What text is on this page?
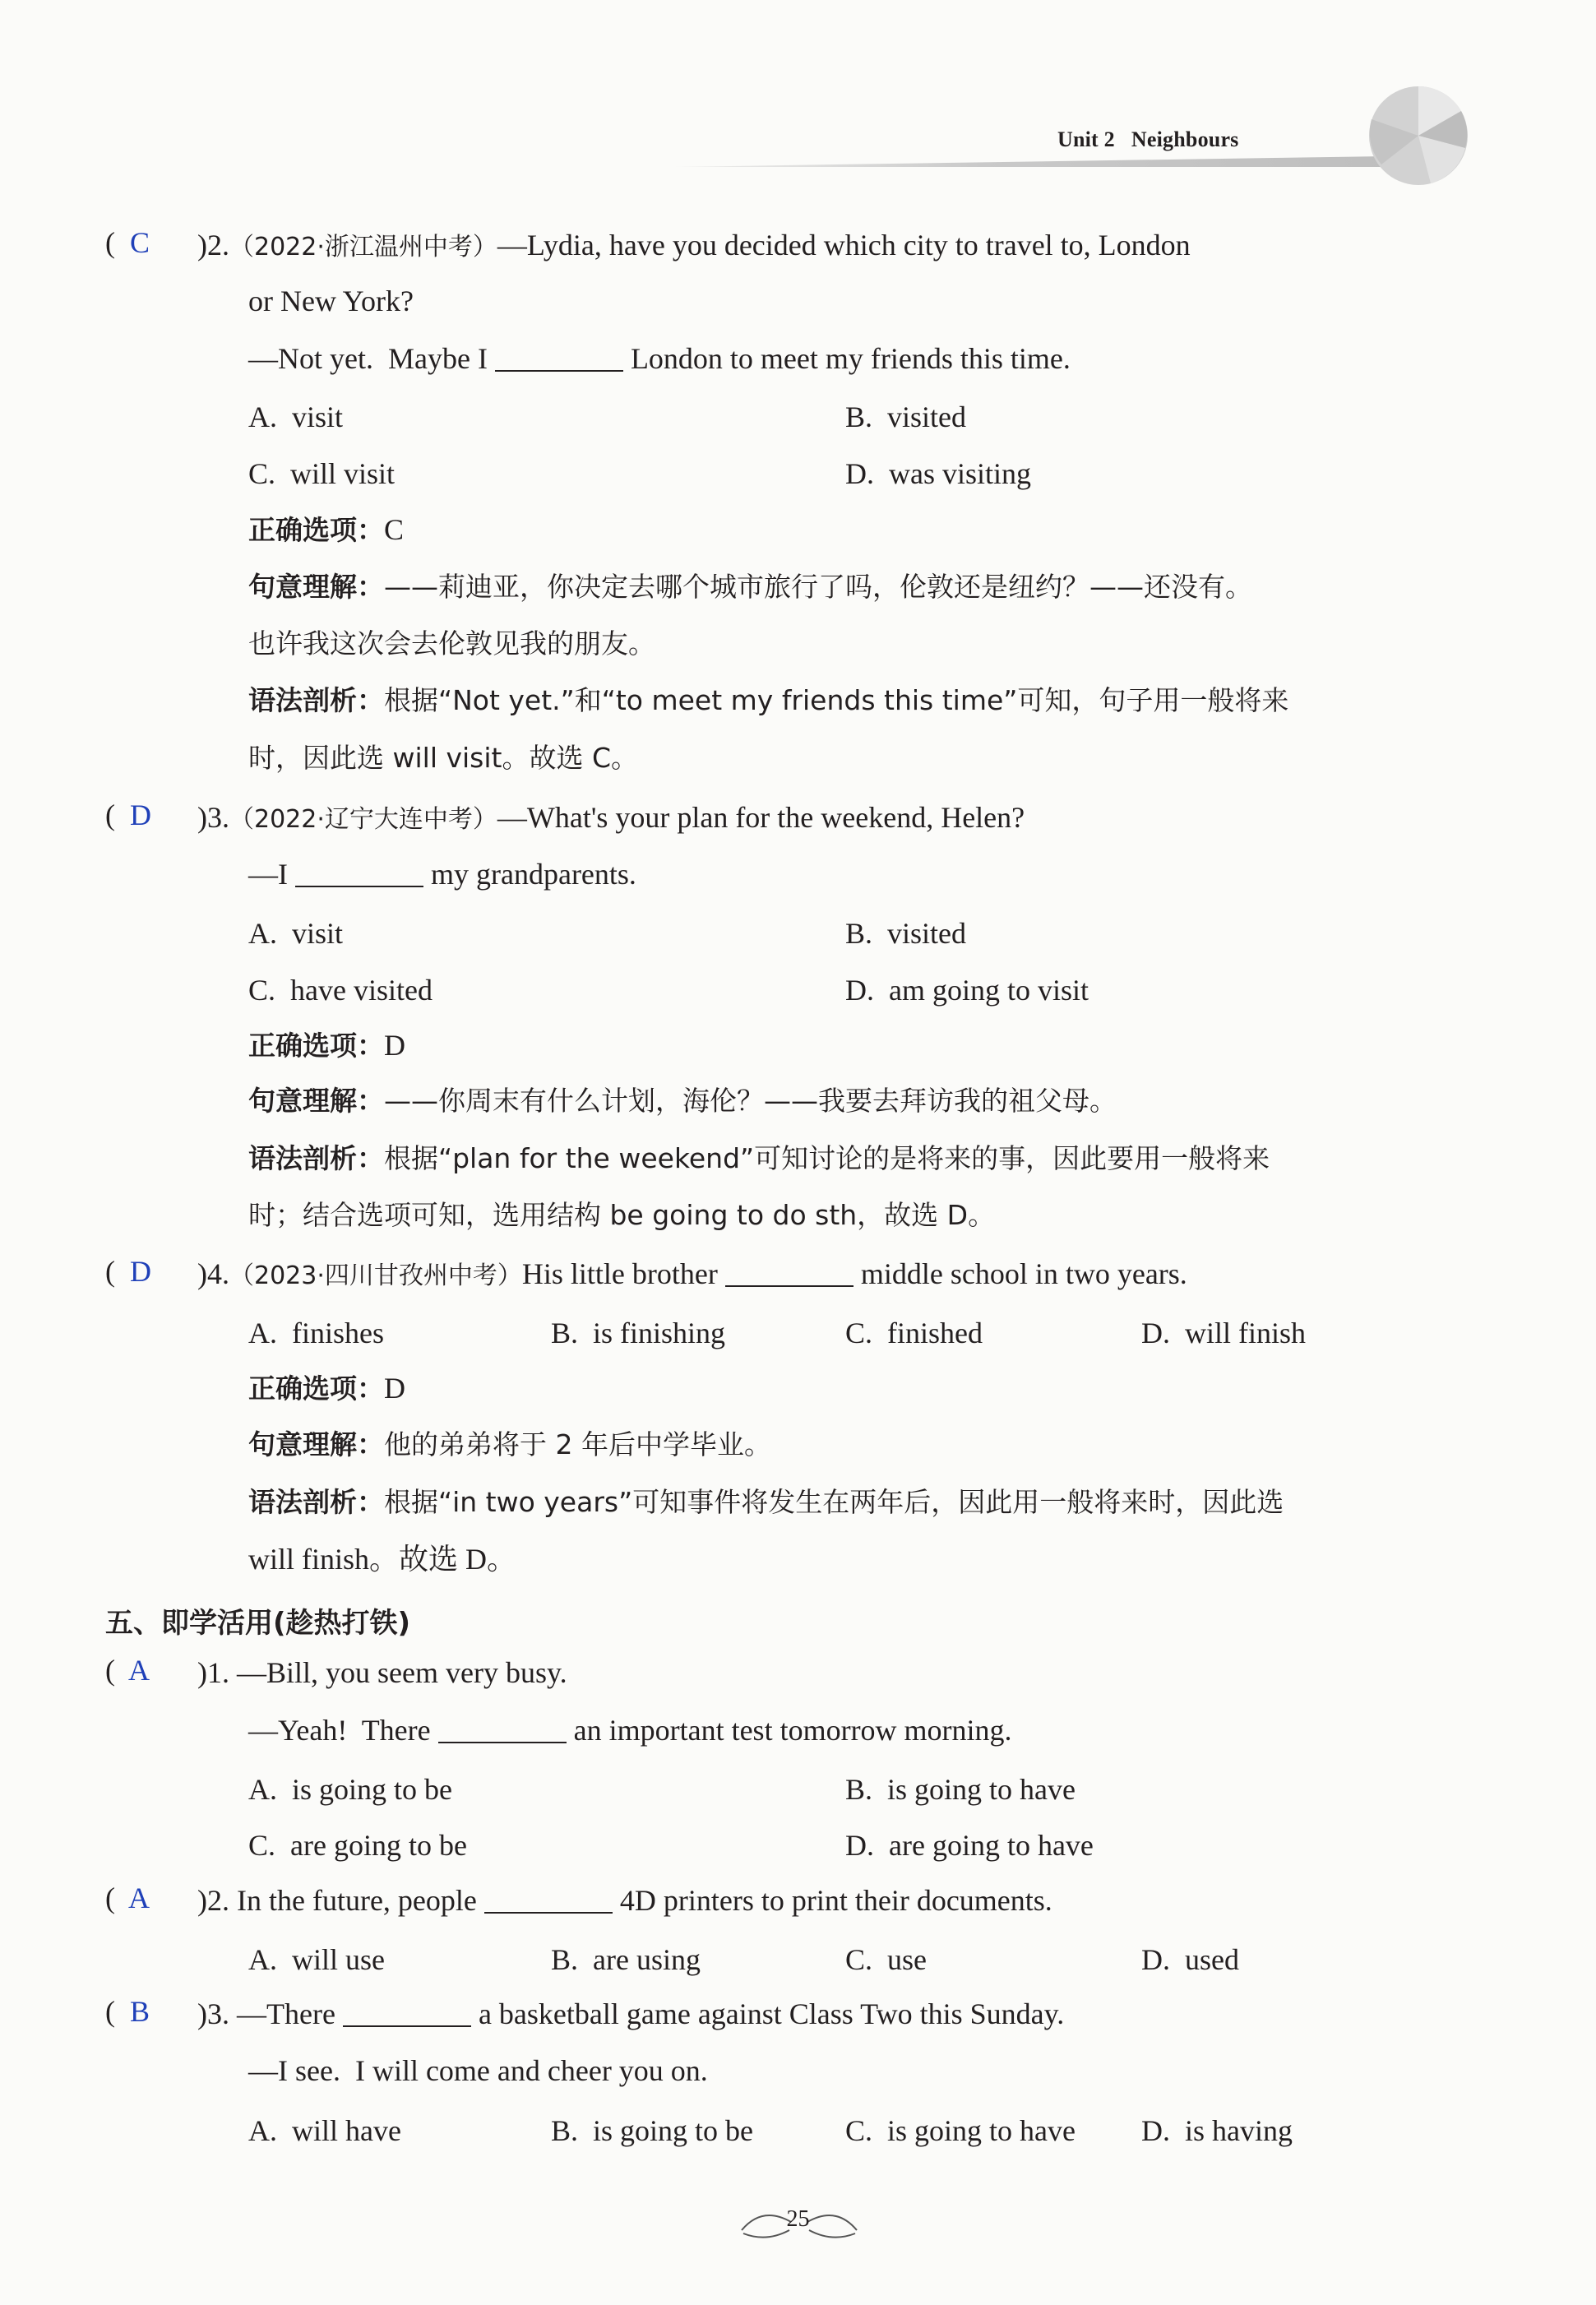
Unit 2   Neighbours
(  C )2.（2022·浙江温州中考）—Lydia, have you decided which city to travel to, London
or New York?
—Not yet.  Maybe I	London to meet my friends this time.
A.  visit	B.  visited
C.  will visit	D.  was visiting
正确选项：C
句意理解：——莉迪亚，你决定去哪个城市旅行了吗，伦敦还是纽约？——还没有。
也许我这次会去伦敦见我的朋友。
语法剖析：根据“Not yet.”和“to meet my friends this time”可知，句子用一般将来
时，因此选 will visit。故选 C。
(  D )3.（2022·辽宁大连中考）—What's your plan for the weekend, Helen?
—I	my grandparents.
A.  visit	B.  visited
C.  have visited	D.  am going to visit
正确选项：D
句意理解：——你周末有什么计划，海伦？——我要去拜访我的祖父母。
语法剖析：根据“plan for the weekend”可知讨论的是将来的事，因此要用一般将来
时；结合选项可知，选用结构 be going to do sth，故选 D。
(  D )4.（2023·四川甘孜州中考）His little brother	middle school in two years.
A.  finishes	B.  is finishing	C.  finished	D.  will finish
正确选项：D
句意理解：他的弟弟将于 2 年后中学毕业。
语法剖析：根据“in two years”可知事件将发生在两年后，因此用一般将来时，因此选
will finish。故选 D。
五、即学活用(趁热打铁)
(  A )1. —Bill, you seem very busy.
—Yeah!  There	an important test tomorrow morning.
A.  is going to be	B.  is going to have
C.  are going to be	D.  are going to have
(  A )2. In the future, people	4D printers to print their documents.
A.  will use	B.  are using	C.  use	D.  used
(  B )3. —There	a basketball game against Class Two this Sunday.
—I see.  I will come and cheer you on.
A.  will have	B.  is going to be	C.  is going to have D.  is having
25
